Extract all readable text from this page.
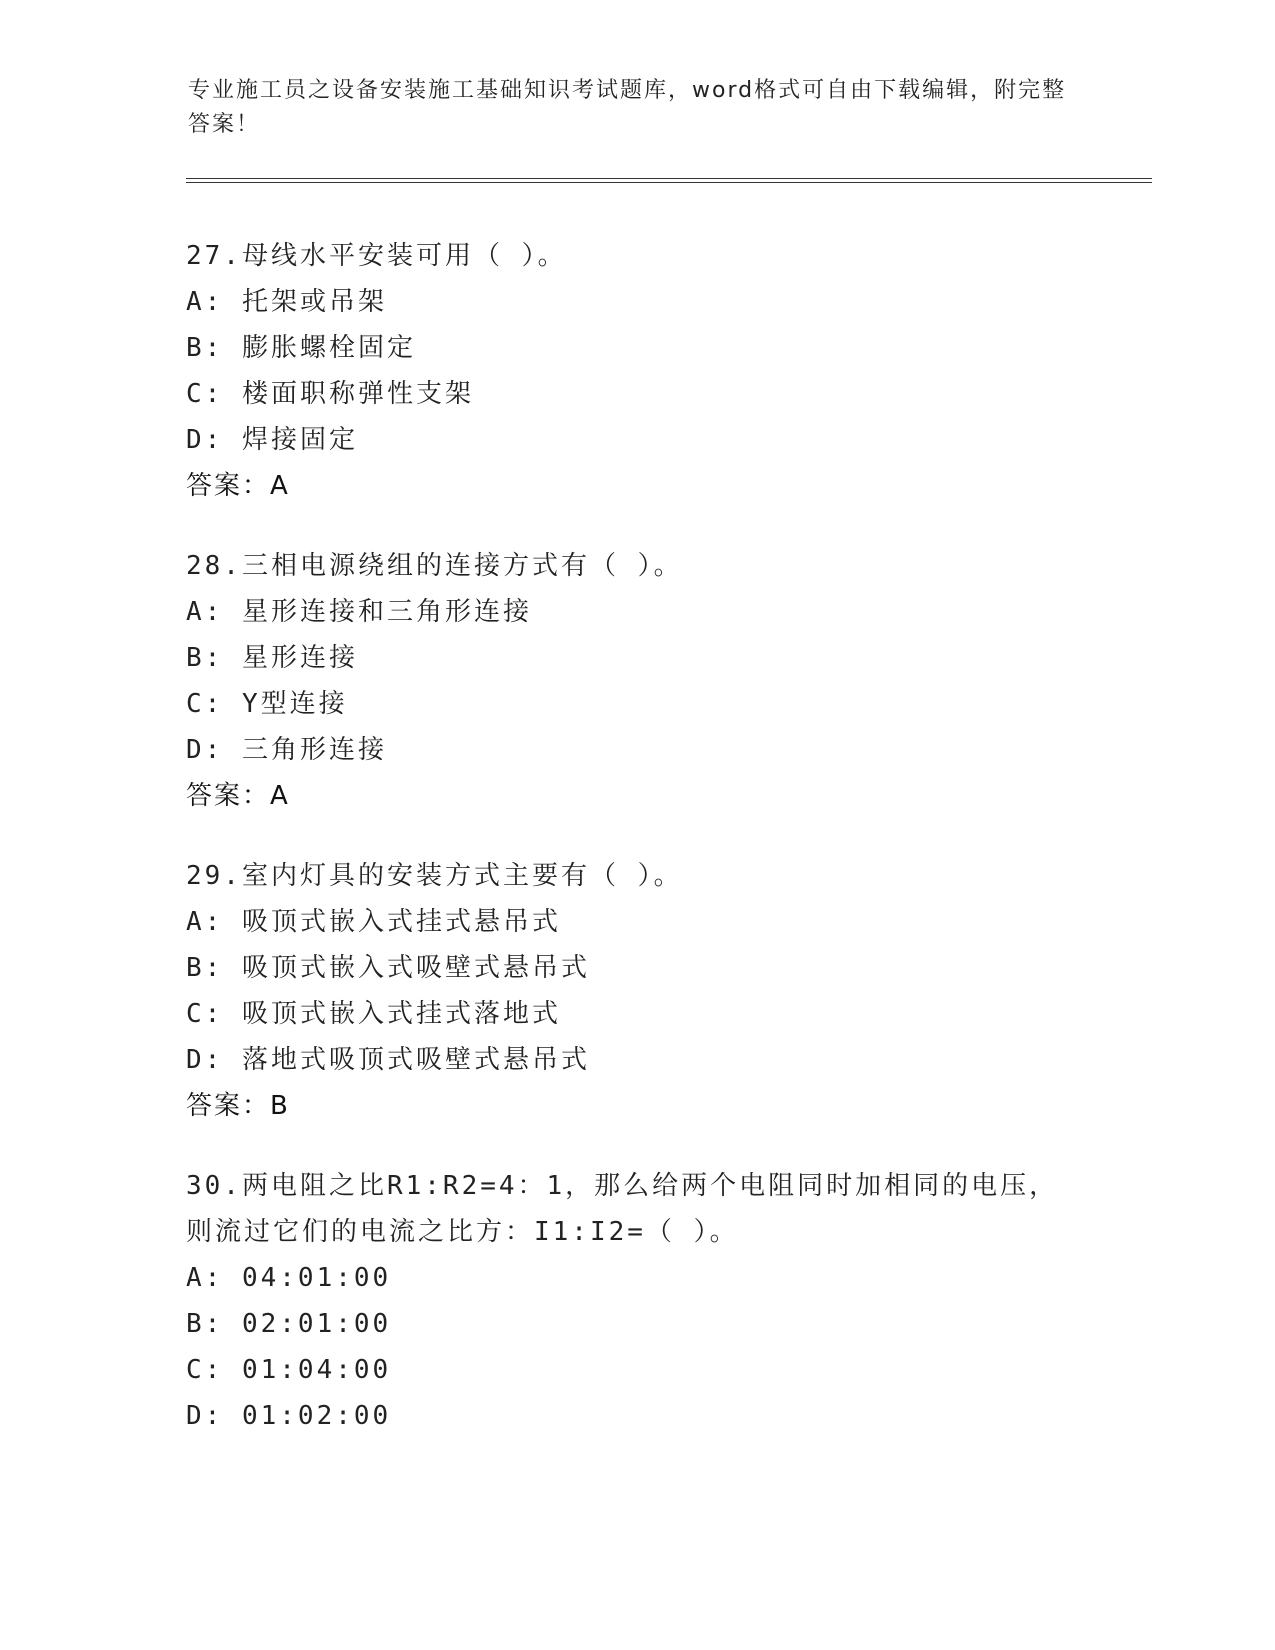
专业施工员之设备安装施工基础知识考试题库，word格式可自由下载编辑，附完整答案！
27.母线水平安装可用（ ）。
A: 托架或吊架
B: 膨胀螺栓固定
C: 楼面职称弹性支架
D: 焊接固定
答案：A
28.三相电源绕组的连接方式有（ ）。
A: 星形连接和三角形连接
B: 星形连接
C: Y型连接
D: 三角形连接
答案：A
29.室内灯具的安装方式主要有（ ）。
A: 吸顶式嵌入式挂式悬吊式
B: 吸顶式嵌入式吸壁式悬吊式
C: 吸顶式嵌入式挂式落地式
D: 落地式吸顶式吸壁式悬吊式
答案：B
30.两电阻之比R1:R2=4：1，那么给两个电阻同时加相同的电压，则流过它们的电流之比方：I1:I2=（ ）。
A: 04:01:00
B: 02:01:00
C: 01:04:00
D: 01:02:00
